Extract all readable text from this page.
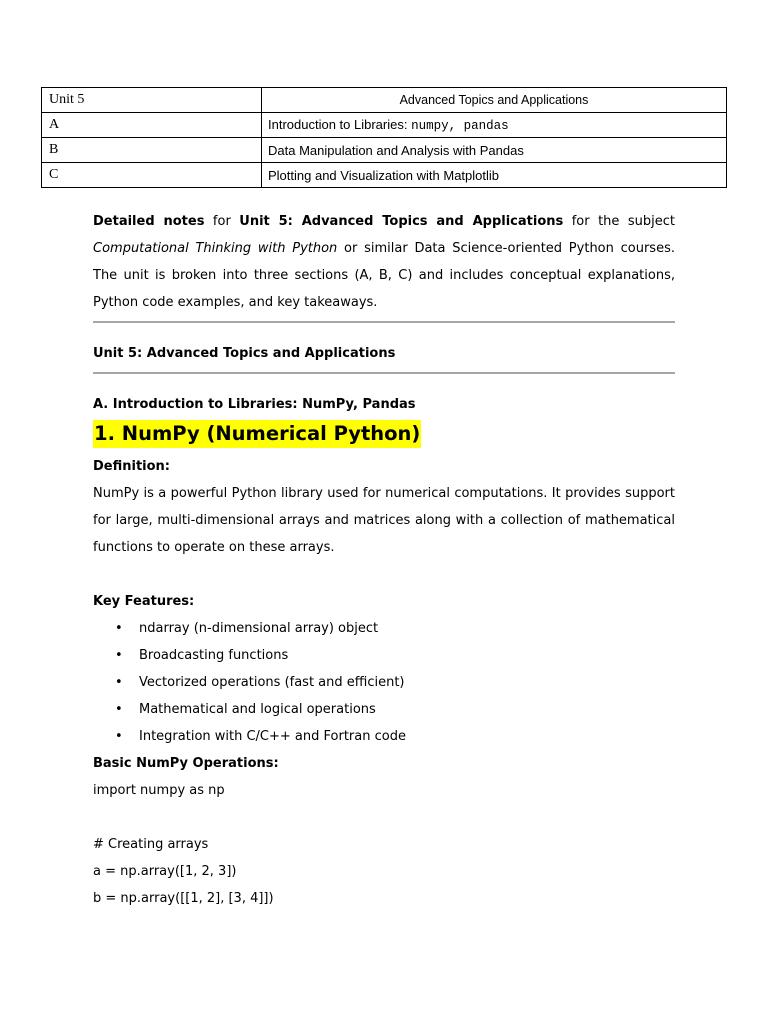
Unit 5	Advanced Topics and Applications
A	Introduction to Libraries: numpy, pandas
B	Data Manipulation and Analysis with Pandas
C	Plotting and Visualization with Matplotlib

Detailed notes for Unit 5: Advanced Topics and Applications for the subject Computational Thinking with Python or similar Data Science-oriented Python courses. The unit is broken into three sections (A, B, C) and includes conceptual explanations, Python code examples, and key takeaways.

Unit 5: Advanced Topics and Applications

A. Introduction to Libraries: NumPy, Pandas

1. NumPy (Numerical Python)

Definition:

NumPy is a powerful Python library used for numerical computations. It provides support for large, multi-dimensional arrays and matrices along with a collection of mathematical functions to operate on these arrays.

Key Features:

• ndarray (n-dimensional array) object
• Broadcasting functions
• Vectorized operations (fast and efficient)
• Mathematical and logical operations
• Integration with C/C++ and Fortran code

Basic NumPy Operations:

import numpy as np

# Creating arrays

a = np.array([1, 2, 3])

b = np.array([[1, 2], [3, 4]])
